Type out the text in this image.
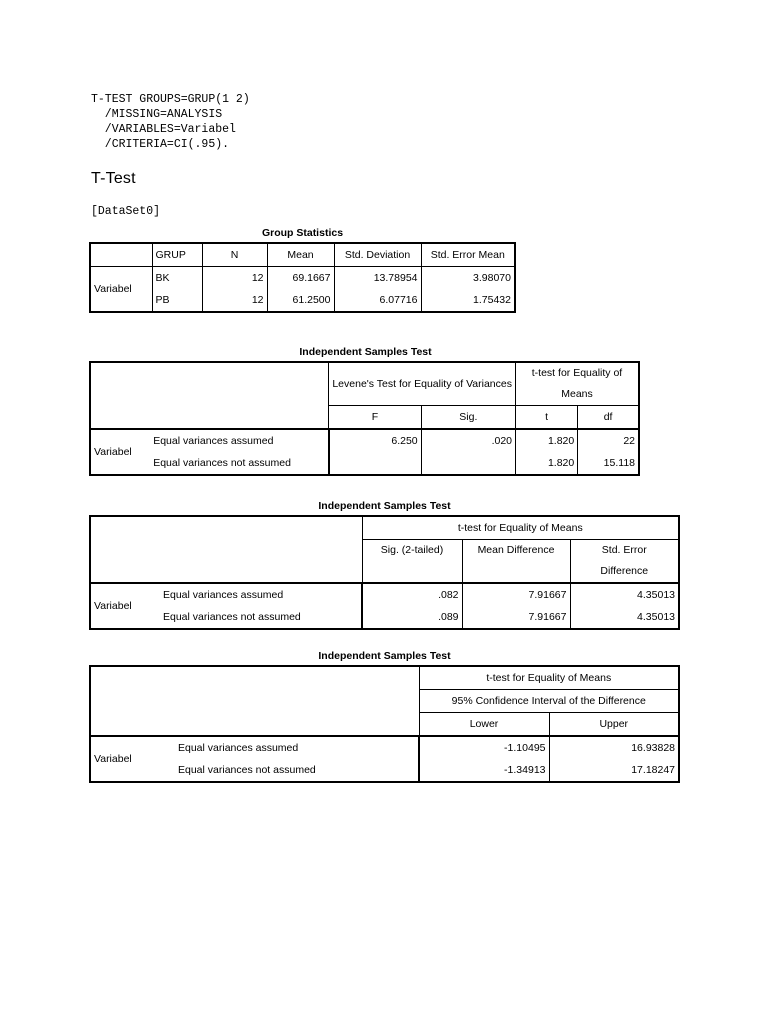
T-TEST GROUPS=GRUP(1 2)
/MISSING=ANALYSIS
/VARIABLES=Variabel
/CRITERIA=CI(.95).
T-Test
[DataSet0]
Group Statistics
	GRUP	N	Mean	Std. Deviation	Std. Error Mean
Variabel	BK	12	69.1667	13.78954	3.98070
	PB	12	61.2500	6.07716	1.75432
Independent Samples Test
		Levene's Test for Equality of Variances		t-test for Equality of Means	
		F	Sig.	t	df
Variabel	Equal variances assumed	6.250	.020	1.820	22
	Equal variances not assumed			1.820	15.118
Independent Samples Test
		t-test for Equality of Means		
		Sig. (2-tailed)	Mean Difference	Std. Error Difference
Variabel	Equal variances assumed	.082	7.91667	4.35013
	Equal variances not assumed	.089	7.91667	4.35013
Independent Samples Test
		t-test for Equality of Means	
		95% Confidence Interval of the Difference	
		Lower	Upper
Variabel	Equal variances assumed	-1.10495	16.93828
	Equal variances not assumed	-1.34913	17.18247
